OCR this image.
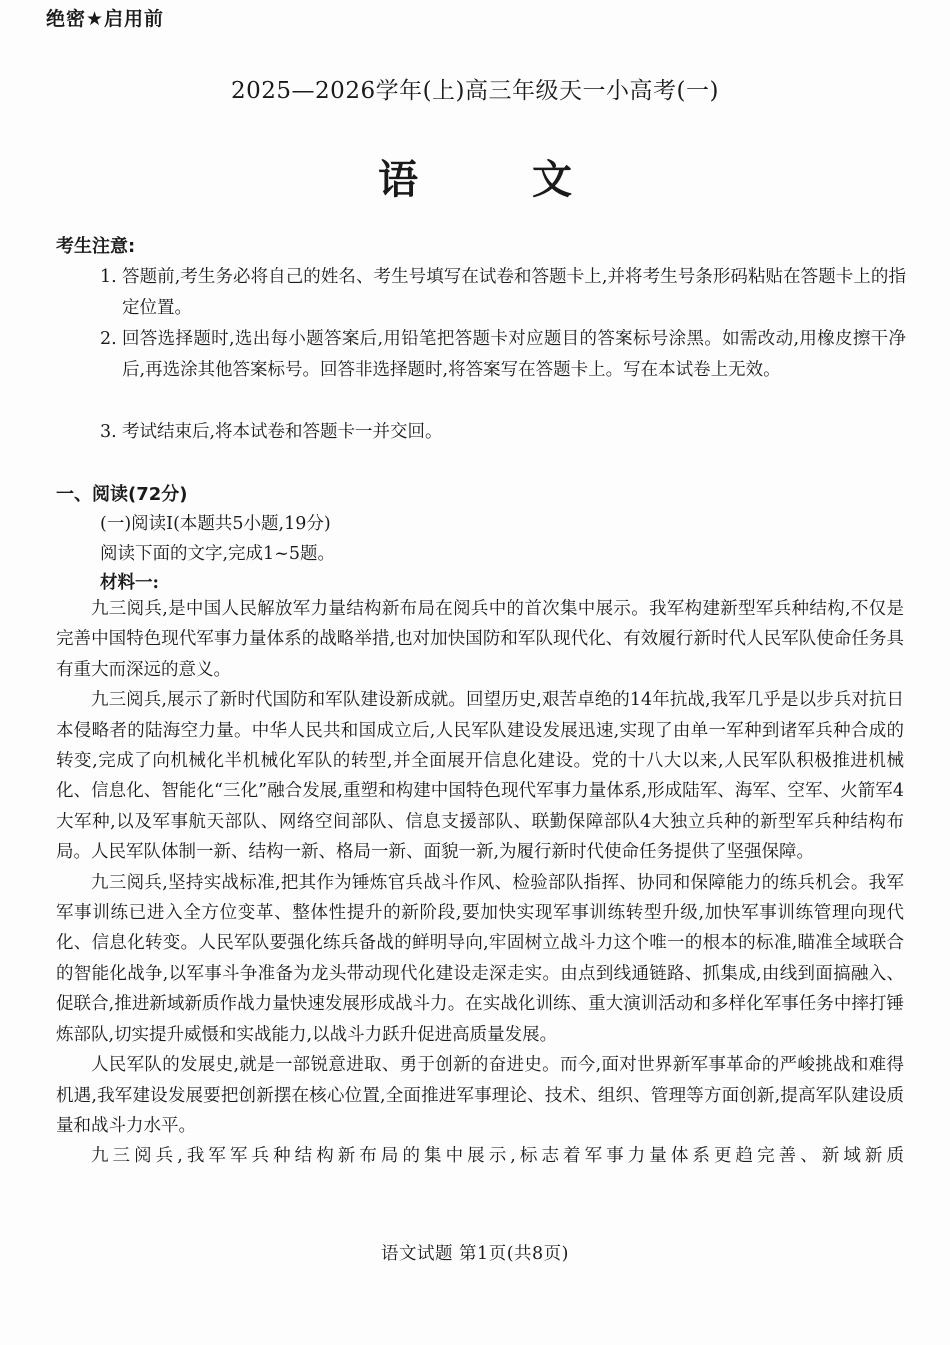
绝密★启用前
2025—2026学年(上)高三年级天一小高考(一)
语 文
考生注意:
1. 答题前,考生务必将自己的姓名、考生号填写在试卷和答题卡上,并将考生号条形码粘贴在答题卡上的指定位置。
2. 回答选择题时,选出每小题答案后,用铅笔把答题卡对应题目的答案标号涂黑。如需改动,用橡皮擦干净后,再选涂其他答案标号。回答非选择题时,将答案写在答题卡上。写在本试卷上无效。
3. 考试结束后,将本试卷和答题卡一并交回。
一、阅读(72分)
(一)阅读Ⅰ(本题共5小题,19分)
阅读下面的文字,完成1~5题。
材料一:

九三阅兵,是中国人民解放军力量结构新布局在阅兵中的首次集中展示。我军构建新型军兵种结构,不仅是完善中国特色现代军事力量体系的战略举措,也对加快国防和军队现代化、有效履行新时代人民军队使命任务具有重大而深远的意义。

九三阅兵,展示了新时代国防和军队建设新成就。回望历史,艰苦卓绝的14年抗战,我军几乎是以步兵对抗日本侵略者的陆海空力量。中华人民共和国成立后,人民军队建设发展迅速,实现了由单一军种到诸军兵种合成的转变,完成了向机械化半机械化军队的转型,并全面展开信息化建设。党的十八大以来,人民军队积极推进机械化、信息化、智能化“三化”融合发展,重塑和构建中国特色现代军事力量体系,形成陆军、海军、空军、火箭军4大军种,以及军事航天部队、网络空间部队、信息支援部队、联勤保障部队4大独立兵种的新型军兵种结构布局。人民军队体制一新、结构一新、格局一新、面貌一新,为履行新时代使命任务提供了坚强保障。

九三阅兵,坚持实战标准,把其作为锤炼官兵战斗作风、检验部队指挥、协同和保障能力的练兵机会。我军军事训练已进入全方位变革、整体性提升的新阶段,要加快实现军事训练转型升级,加快军事训练管理向现代化、信息化转变。人民军队要强化练兵备战的鲜明导向,牢固树立战斗力这个唯一的根本的标准,瞄准全域联合的智能化战争,以军事斗争准备为龙头带动现代化建设走深走实。由点到线通链路、抓集成,由线到面搞融入、促联合,推进新域新质作战力量快速发展形成战斗力。在实战化训练、重大演训活动和多样化军事任务中摔打锤炼部队,切实提升威慑和实战能力,以战斗力跃升促进高质量发展。

人民军队的发展史,就是一部锐意进取、勇于创新的奋进史。而今,面对世界新军事革命的严峻挑战和难得机遇,我军建设发展要把创新摆在核心位置,全面推进军事理论、技术、组织、管理等方面创新,提高军队建设质量和战斗力水平。

九三阅兵,我军军兵种结构新布局的集中展示,标志着军事力量体系更趋完善、新域新质

语文试题 第1页(共8页)
